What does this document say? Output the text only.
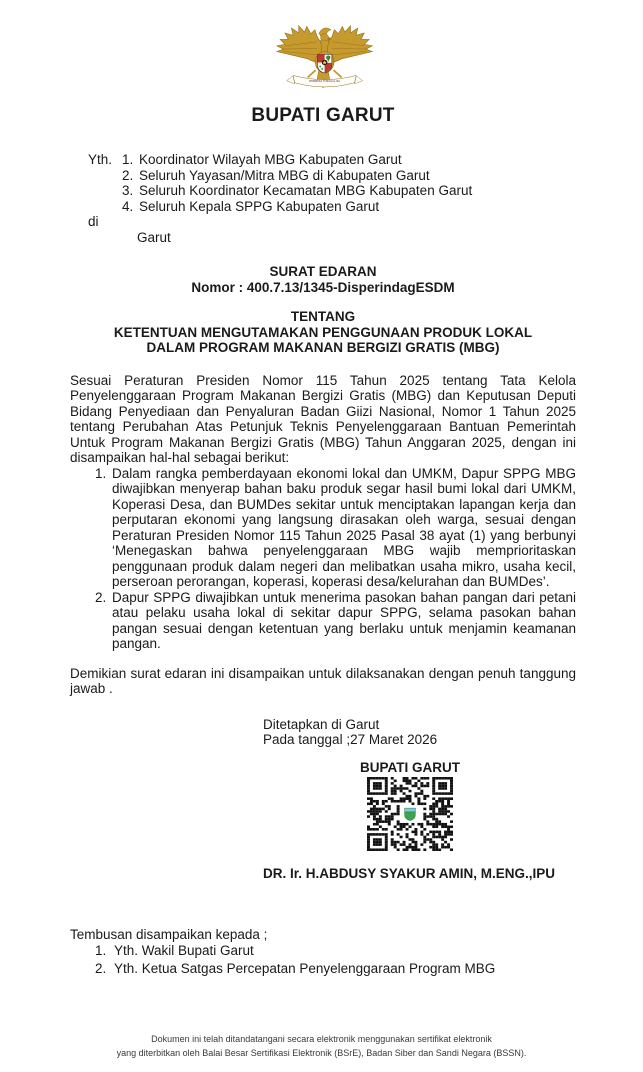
BHINNEKA TUNGGAL IKA
BUPATI GARUT
Yth. 1. Koordinator Wilayah MBG Kabupaten Garut
2. Seluruh Yayasan/Mitra MBG di Kabupaten Garut
3. Seluruh Koordinator Kecamatan MBG Kabupaten Garut
4. Seluruh Kepala SPPG Kabupaten Garut
di
Garut
SURAT EDARAN
Nomor : 400.7.13/1345-DisperindagESDM
TENTANG
KETENTUAN MENGUTAMAKAN PENGGUNAAN PRODUK LOKAL
DALAM PROGRAM MAKANAN BERGIZI GRATIS (MBG)
Sesuai Peraturan Presiden Nomor 115 Tahun 2025 tentang Tata Kelola Penyelenggaraan Program Makanan Bergizi Gratis (MBG) dan Keputusan Deputi Bidang Penyediaan dan Penyaluran Badan Giizi Nasional, Nomor 1 Tahun 2025 tentang Perubahan Atas Petunjuk Teknis Penyelenggaraan Bantuan Pemerintah Untuk Program Makanan Bergizi Gratis (MBG) Tahun Anggaran 2025, dengan ini disampaikan hal-hal sebagai berikut:
1. Dalam rangka pemberdayaan ekonomi lokal dan UMKM, Dapur SPPG MBG diwajibkan menyerap bahan baku produk segar hasil bumi lokal dari UMKM, Koperasi Desa, dan BUMDes sekitar untuk menciptakan lapangan kerja dan perputaran ekonomi yang langsung dirasakan oleh warga, sesuai dengan Peraturan Presiden Nomor 115 Tahun 2025 Pasal 38 ayat (1) yang berbunyi ‘Menegaskan bahwa penyelenggaraan MBG wajib memprioritaskan penggunaan produk dalam negeri dan melibatkan usaha mikro, usaha kecil, perseroan perorangan, koperasi, koperasi desa/kelurahan dan BUMDes’.
2. Dapur SPPG diwajibkan untuk menerima pasokan bahan pangan dari petani atau pelaku usaha lokal di sekitar dapur SPPG, selama pasokan bahan pangan sesuai dengan ketentuan yang berlaku untuk menjamin keamanan pangan.
Demikian surat edaran ini disampaikan untuk dilaksanakan dengan penuh tanggung jawab .
Ditetapkan di Garut
Pada tanggal ;27 Maret 2026
BUPATI GARUT
DR. Ir. H.ABDUSY SYAKUR AMIN, M.ENG.,IPU
Tembusan disampaikan kepada ;
1. Yth. Wakil Bupati Garut
2. Yth. Ketua Satgas Percepatan Penyelenggaraan Program MBG
Dokumen ini telah ditandatangani secara elektronik menggunakan sertifikat elektronik
yang diterbitkan oleh Balai Besar Sertifikasi Elektronik (BSrE), Badan Siber dan Sandi Negara (BSSN).
